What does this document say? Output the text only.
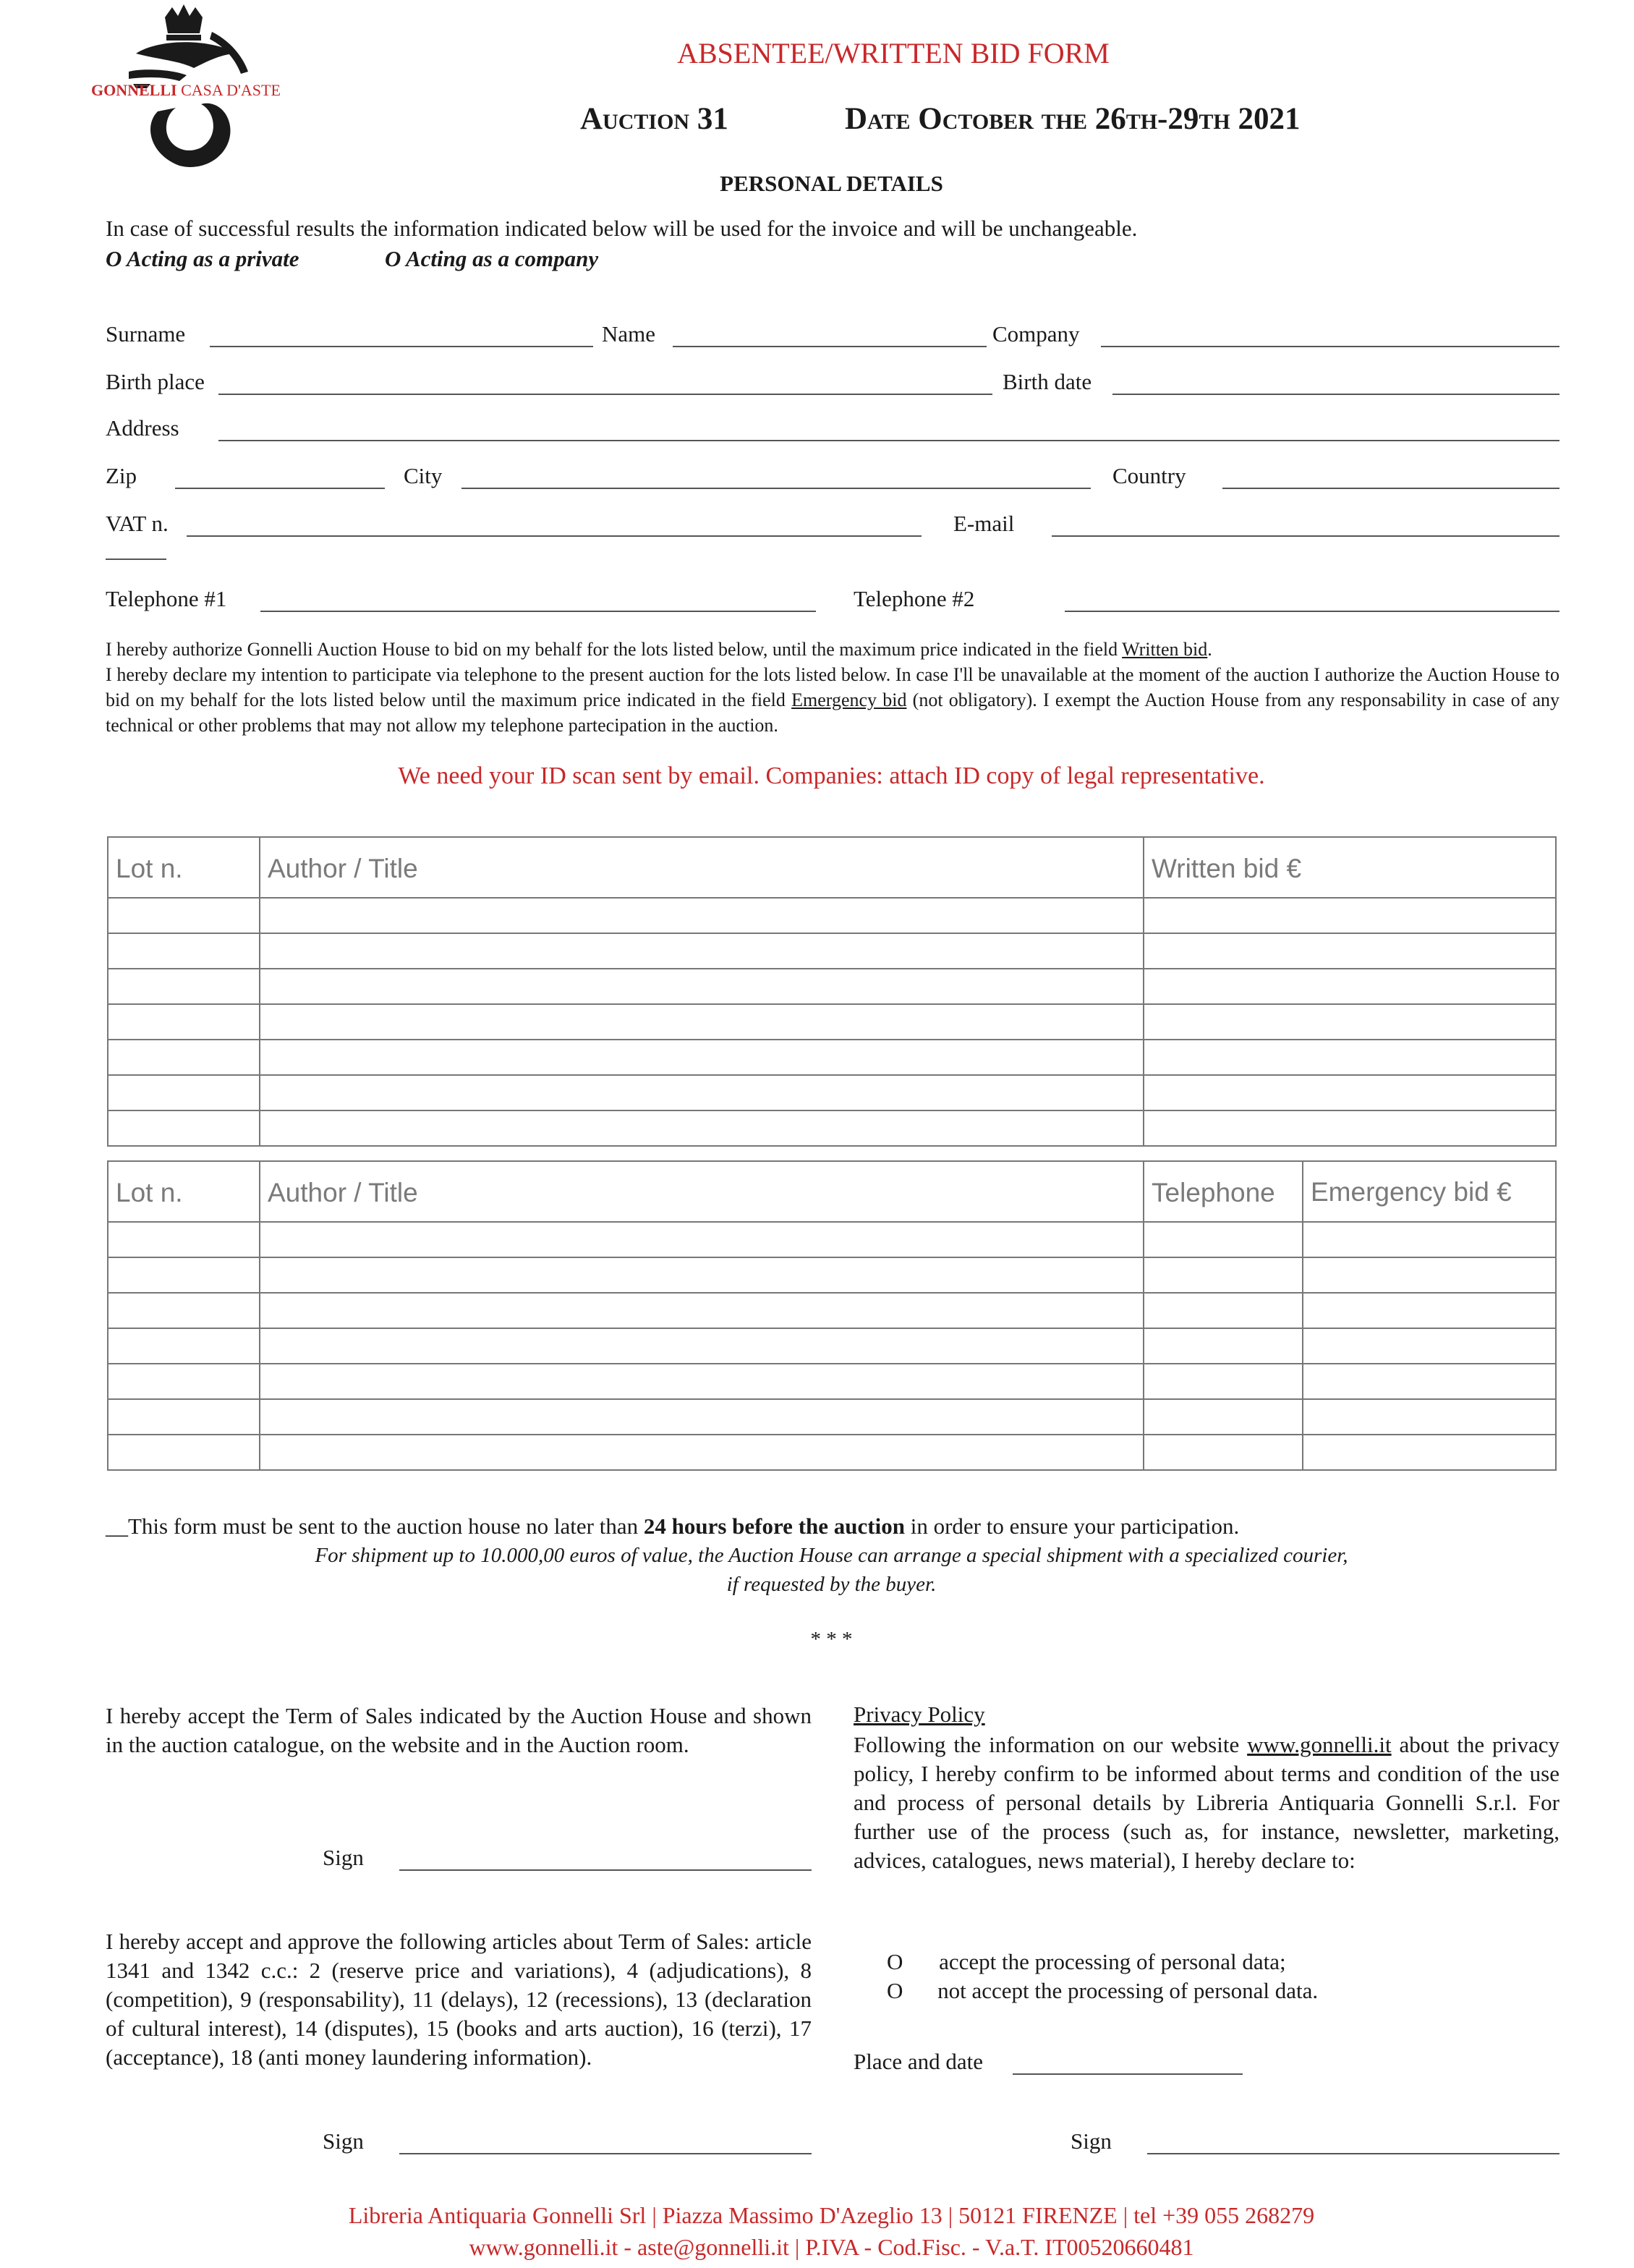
GONNELLI CASA D'ASTE
ABSENTEE/WRITTEN BID FORM
Auction 31	Date October the 26th-29th 2021
PERSONAL DETAILS
In case of successful results the information indicated below will be used for the invoice and will be unchangeable.
O Acting as a private	O Acting as a company
Surname	Name	Company
Birth place	Birth date
Address
Zip	City	Country
VAT n.	E-mail
Telephone #1	Telephone #2
I hereby authorize Gonnelli Auction House to bid on my behalf for the lots listed below, until the maximum price indicated in the field Written bid.
I hereby declare my intention to participate via telephone to the present auction for the lots listed below. In case I'll be unavailable at the moment of the auction I authorize the Auction House to bid on my behalf for the lots listed below until the maximum price indicated in the field Emergency bid (not obligatory). I exempt the Auction House from any responsability in case of any technical or other problems that may not allow my telephone partecipation in the auction.
We need your ID scan sent by email. Companies: attach ID copy of legal representative.
Lot n.	Author / Title	Written bid €

Lot n.	Author / Title	Telephone	Emergency bid €

__This form must be sent to the auction house no later than 24 hours before the auction in order to ensure your participation.
For shipment up to 10.000,00 euros of value, the Auction House can arrange a special shipment with a specialized courier,
if requested by the buyer.
* * *
I hereby accept the Term of Sales indicated by the Auction House and shown in the auction catalogue, on the website and in the Auction room.
Sign
I hereby accept and approve the following articles about Term of Sales: article 1341 and 1342 c.c.: 2 (reserve price and variations), 4 (adjudications), 8 (competition), 9 (responsability), 11 (delays), 12 (recessions), 13 (declaration of cultural interest), 14 (disputes), 15 (books and arts auction), 16 (terzi), 17 (acceptance), 18 (anti money laundering information).
Sign
Privacy Policy
Following the information on our website www.gonnelli.it about the privacy policy, I hereby confirm to be informed about terms and condition of the use and process of personal details by Libreria Antiquaria Gonnelli S.r.l. For further use of the process (such as, for instance, newsletter, marketing, advices, catalogues, news material), I hereby declare to:
O accept the processing of personal data;
O not accept the processing of personal data.
Place and date
Sign
Libreria Antiquaria Gonnelli Srl | Piazza Massimo D'Azeglio 13 | 50121 FIRENZE | tel +39 055 268279
www.gonnelli.it - aste@gonnelli.it | P.IVA - Cod.Fisc. - V.a.T. IT00520660481
